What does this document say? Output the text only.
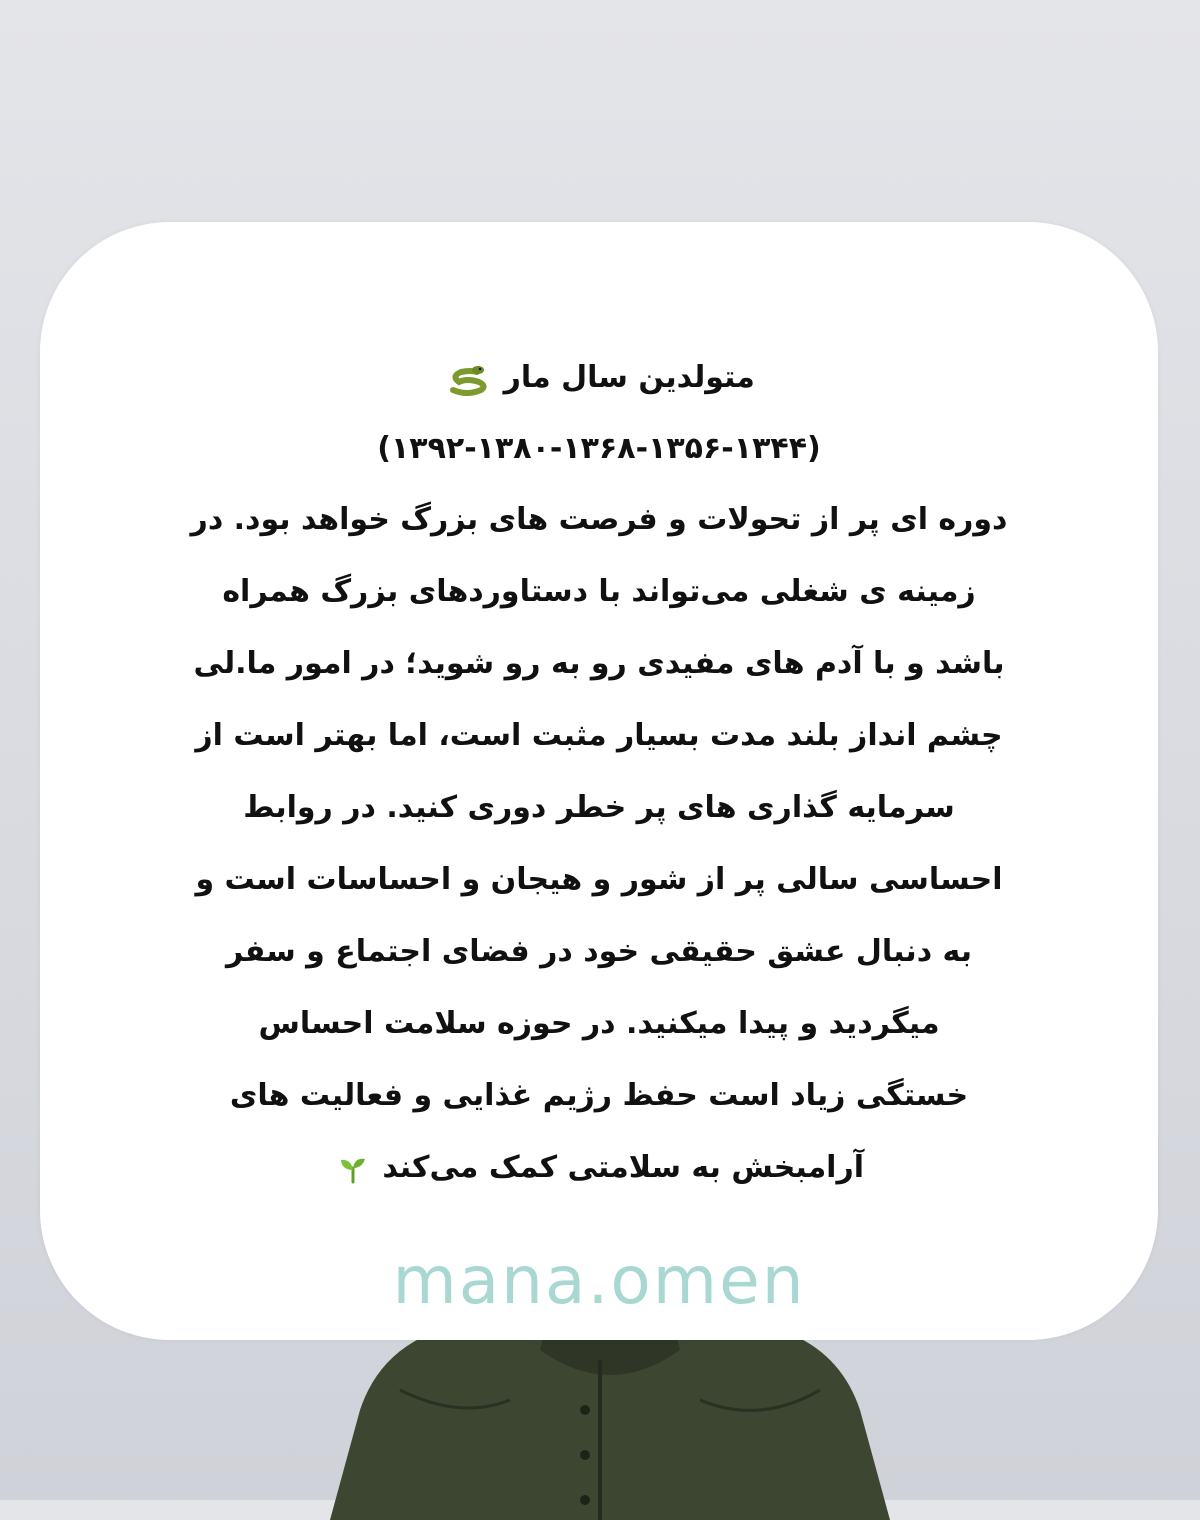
متولدین سال مار
(۱۳۹۲-۱۳۸۰-۱۳۶۸-۱۳۵۶-۱۳۴۴)
دوره ای پر از تحولات و فرصت های بزرگ خواهد بود. در
زمینه ی شغلی می‌تواند با دستاوردهای بزرگ همراه
باشد و با آدم های مفیدی رو به رو شوید؛ در امور ما.لی
چشم انداز بلند مدت بسیار مثبت است، اما بهتر است از
سرمایه گذاری های پر خطر دوری کنید. در روابط
احساسی سالی پر از شور و هیجان و احساسات است و
به دنبال عشق حقیقی خود در فضای اجتماع و سفر
میگردید و پیدا میکنید. در حوزه سلامت احساس
خستگی زیاد است حفظ رژیم غذایی و فعالیت های
آرامبخش به سلامتی کمک می‌کند
mana.omen
